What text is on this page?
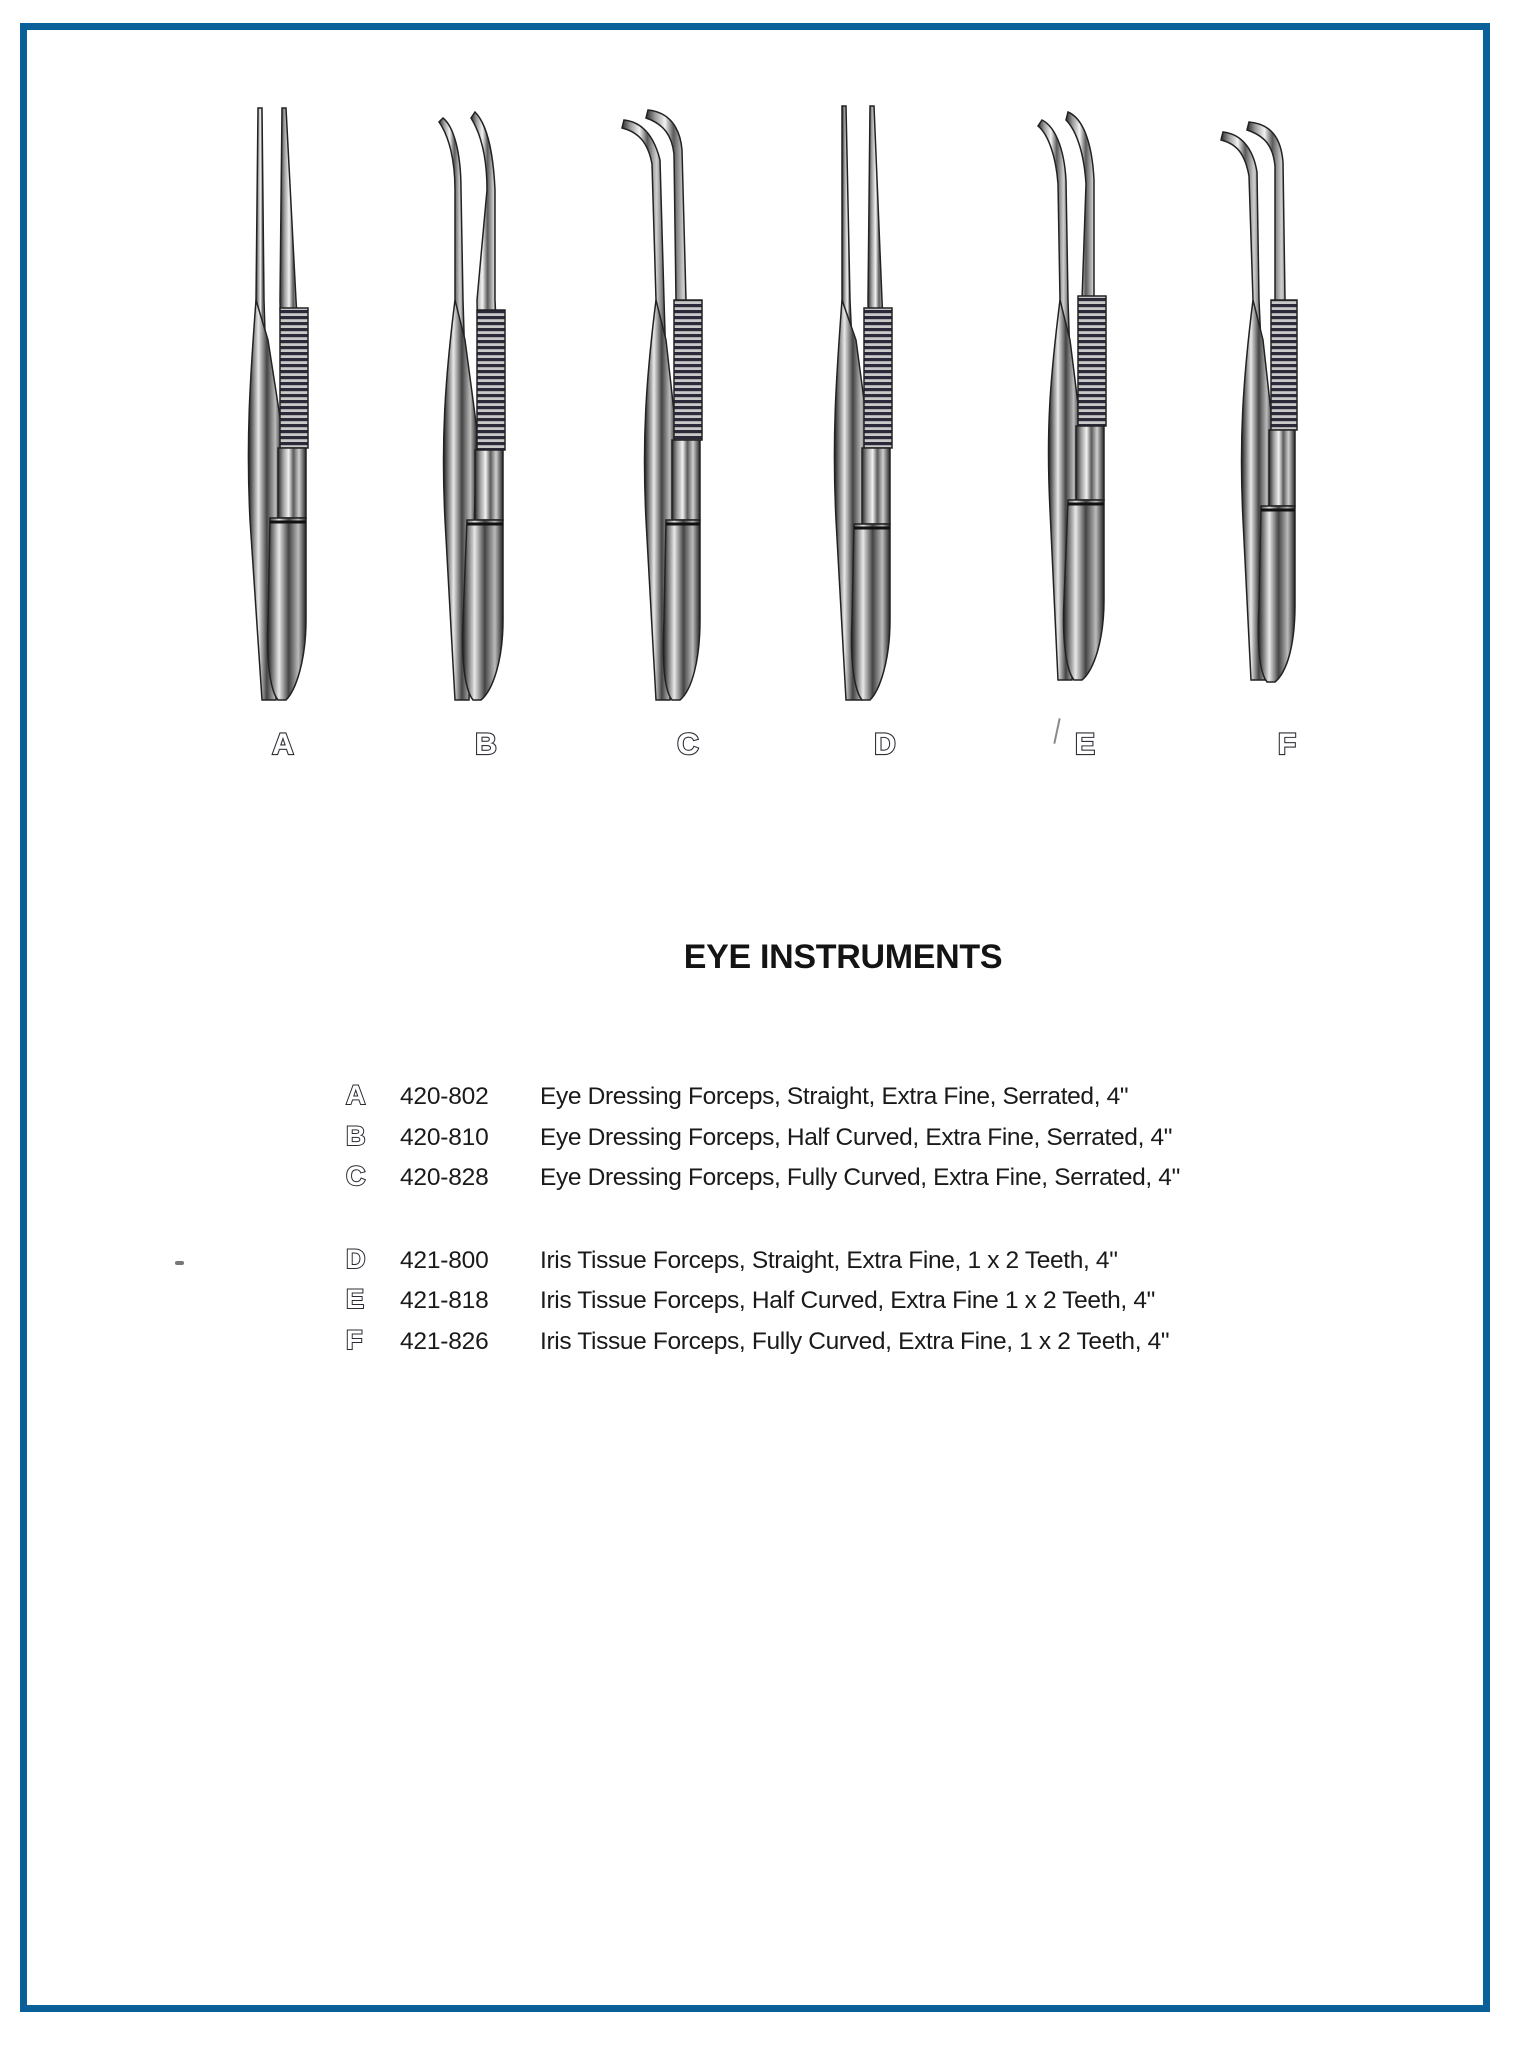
A	B	C	D	E	F
EYE INSTRUMENTS
A	420-802	Eye Dressing Forceps, Straight, Extra Fine, Serrated, 4"
B	420-810	Eye Dressing Forceps, Half Curved, Extra Fine, Serrated, 4"
C	420-828	Eye Dressing Forceps, Fully Curved, Extra Fine, Serrated, 4"
D	421-800	Iris Tissue Forceps, Straight, Extra Fine, 1 x 2 Teeth, 4"
E	421-818	Iris Tissue Forceps, Half Curved, Extra Fine 1 x 2 Teeth, 4"
F	421-826	Iris Tissue Forceps, Fully Curved, Extra Fine, 1 x 2 Teeth, 4"
